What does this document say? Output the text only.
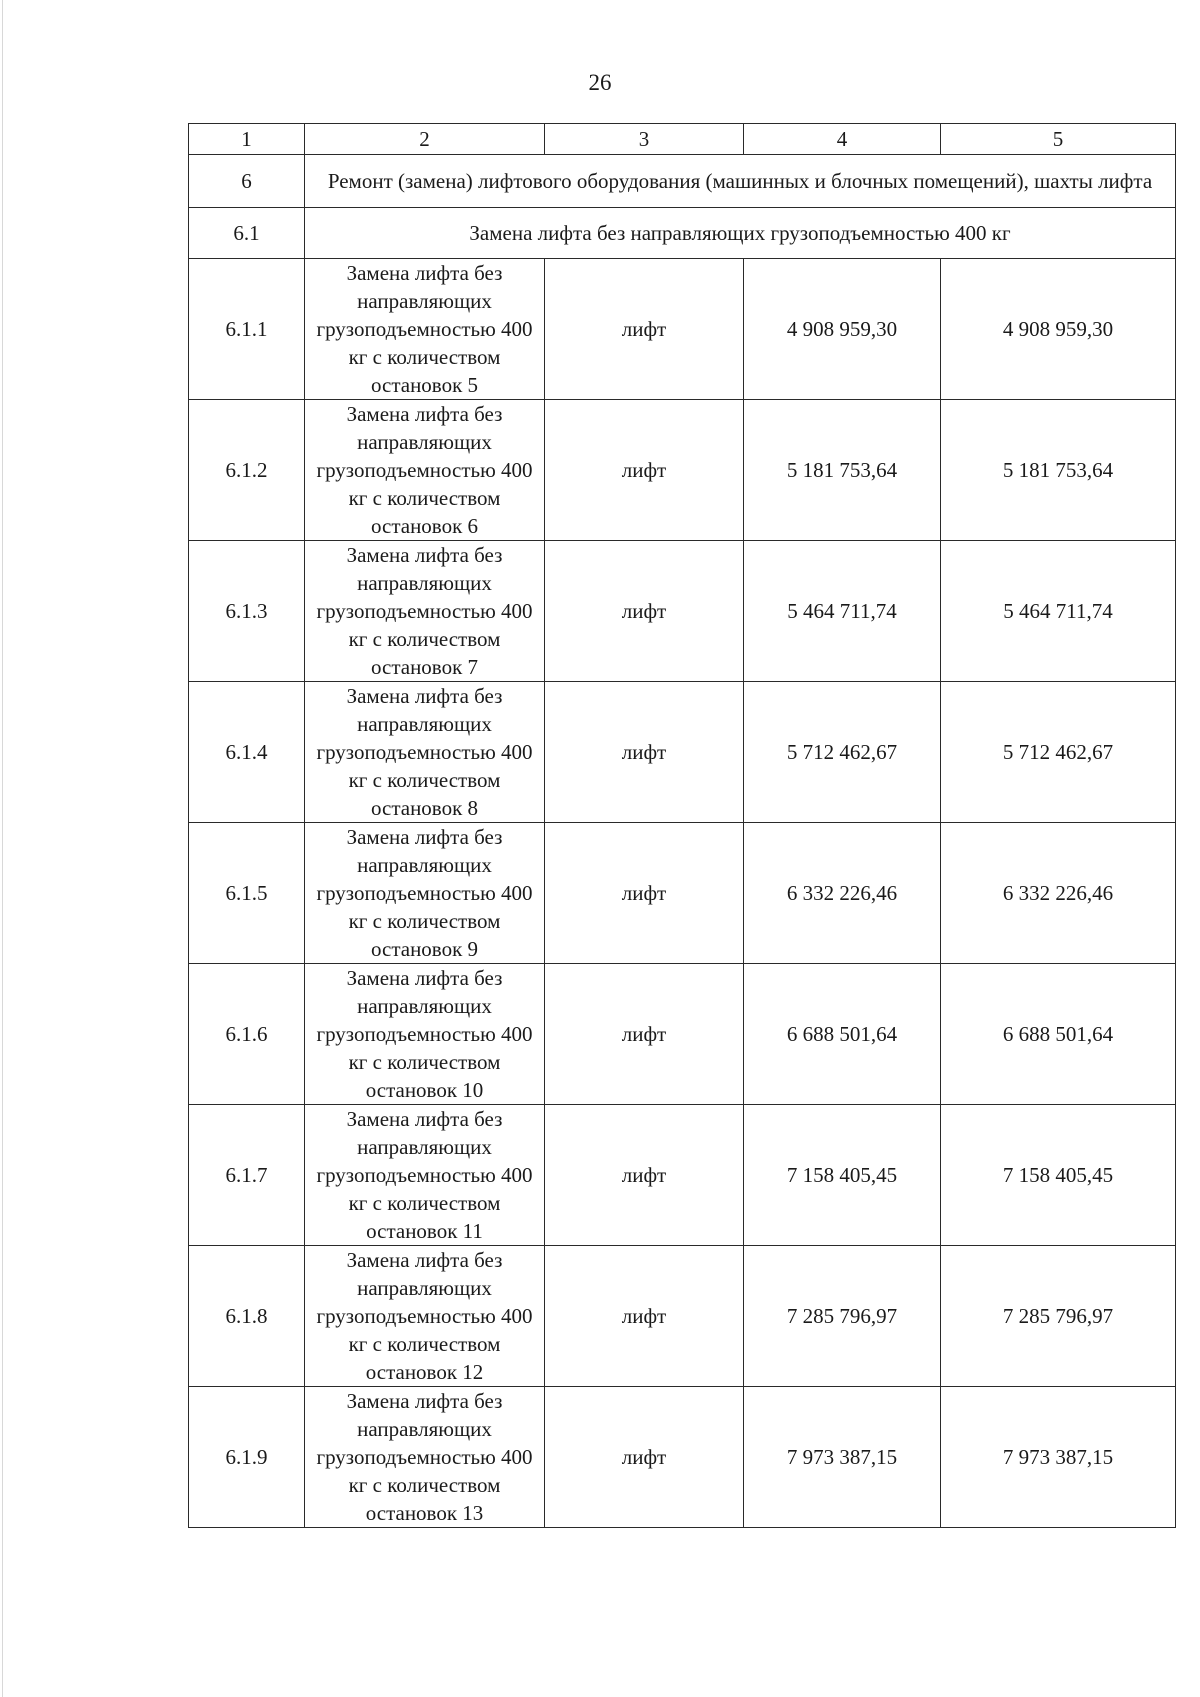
26
1	2	3	4	5
6	Ремонт (замена) лифтового оборудования (машинных и блочных помещений), шахты лифта			
6.1	Замена лифта без направляющих грузоподъемностью 400 кг			
6.1.1	Замена лифта без направляющих грузоподъемностью 400 кг с количеством остановок 5	лифт	4 908 959,30	4 908 959,30
6.1.2	Замена лифта без направляющих грузоподъемностью 400 кг с количеством остановок 6	лифт	5 181 753,64	5 181 753,64
6.1.3	Замена лифта без направляющих грузоподъемностью 400 кг с количеством остановок 7	лифт	5 464 711,74	5 464 711,74
6.1.4	Замена лифта без направляющих грузоподъемностью 400 кг с количеством остановок 8	лифт	5 712 462,67	5 712 462,67
6.1.5	Замена лифта без направляющих грузоподъемностью 400 кг с количеством остановок 9	лифт	6 332 226,46	6 332 226,46
6.1.6	Замена лифта без направляющих грузоподъемностью 400 кг с количеством остановок 10	лифт	6 688 501,64	6 688 501,64
6.1.7	Замена лифта без направляющих грузоподъемностью 400 кг с количеством остановок 11	лифт	7 158 405,45	7 158 405,45
6.1.8	Замена лифта без направляющих грузоподъемностью 400 кг с количеством остановок 12	лифт	7 285 796,97	7 285 796,97
6.1.9	Замена лифта без направляющих грузоподъемностью 400 кг с количеством остановок 13	лифт	7 973 387,15	7 973 387,15
